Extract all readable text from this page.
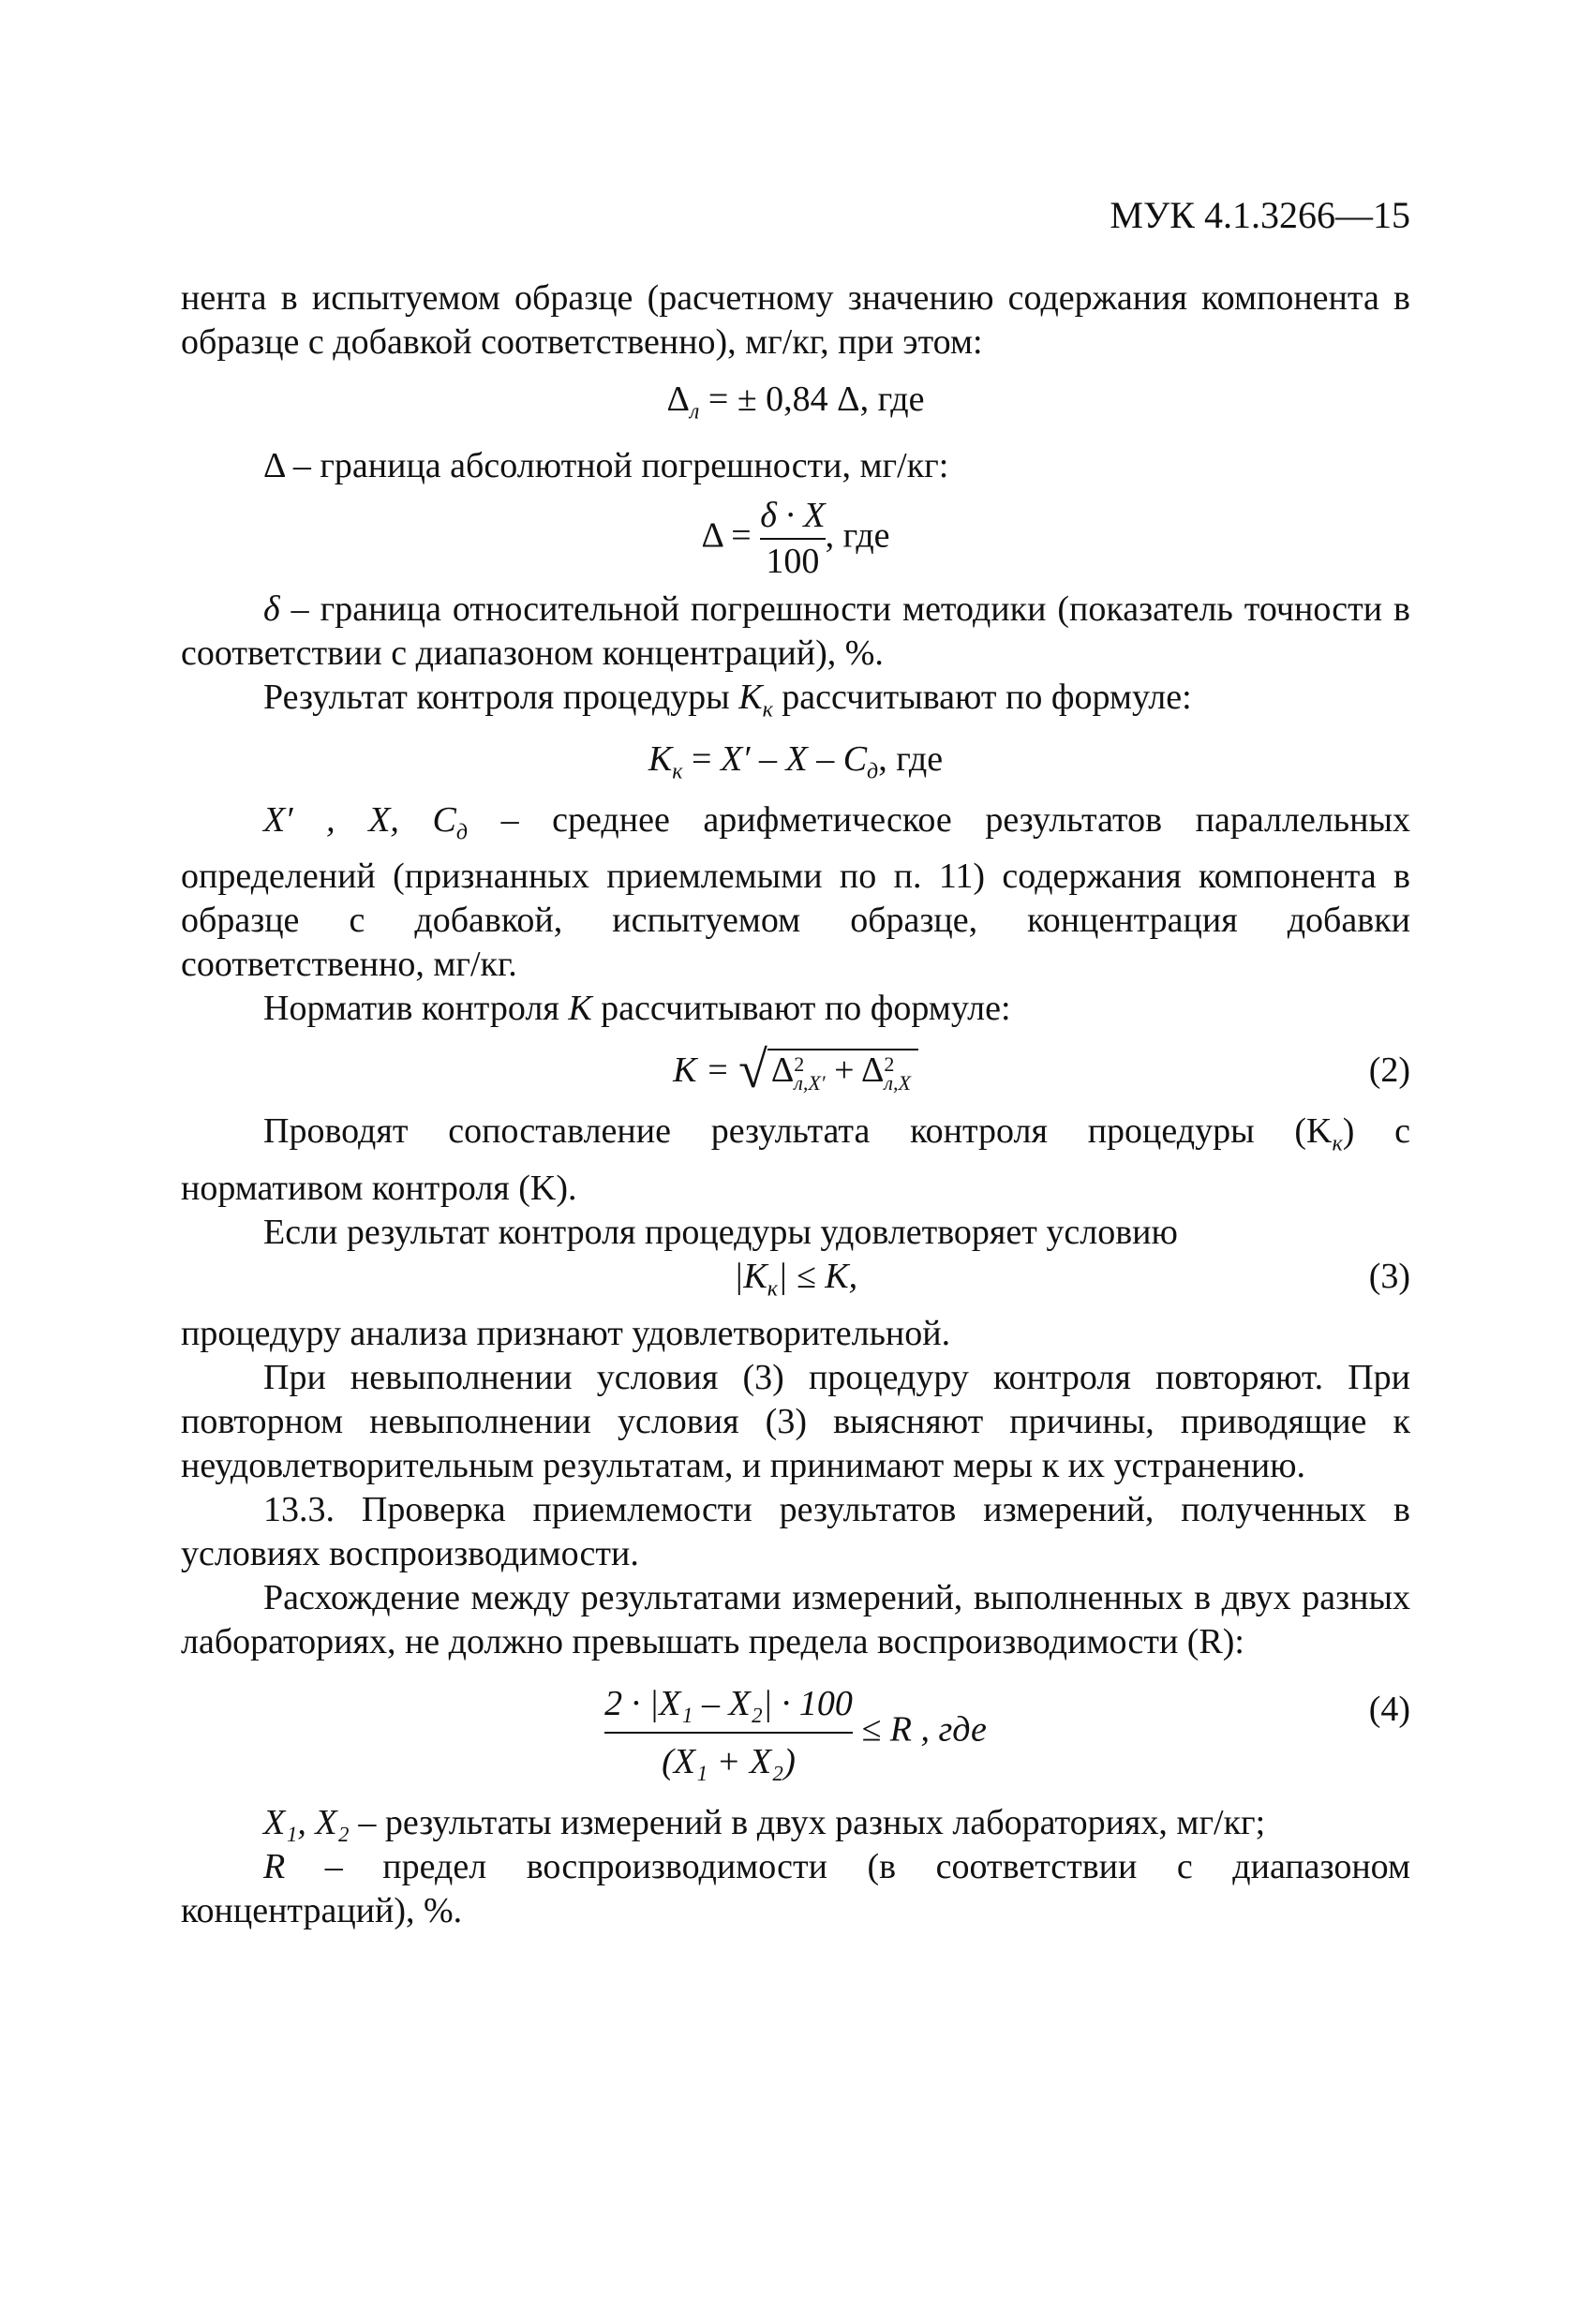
МУК 4.1.3266—15

нента в испытуемом образце (расчетному значению содержания компонента в образце с добавкой соответственно), мг/кг, при этом:

$\Delta_л$ = ± 0,84 Δ, где

Δ – граница абсолютной погрешности, мг/кг:

$\Delta = \frac{\delta \cdot X}{100}$ , где

δ – граница относительной погрешности методики (показатель точности в соответствии с диапазоном концентраций), %.

Результат контроля процедуры $K_к$ рассчитывают по формуле:

$K_к = X' - X - C_д$, где

X′ , X, $C_д$ – среднее арифметическое результатов параллельных определений (признанных приемлемыми по п. 11) содержания компонента в образце с добавкой, испытуемом образце, концентрация добавки соответственно, мг/кг.

Норматив контроля K рассчитывают по формуле:

K = √ Δ 2
л,X′ + Δ 2
л,X	(2)

Проводят сопоставление результата контроля процедуры $(K_к)$ с нормативом контроля (K).

Если результат контроля процедуры удовлетворяет условию

$|K_к| \le K$,	(3)

процедуру анализа признают удовлетворительной.

При невыполнении условия (3) процедуру контроля повторяют. При повторном невыполнении условия (3) выясняют причины, приводящие к неудовлетворительным результатам, и принимают меры к их устранению.

13.3. Проверка приемлемости результатов измерений, полученных в условиях воспроизводимости.

Расхождение между результатами измерений, выполненных в двух разных лабораториях, не должно превышать предела воспроизводимости (R):

$\frac{\text{2 · |X₁ – X₂| · 100}}{\text{(X₁ + X₂)}} \le R$ , где
(4)

X₁, X₂ – результаты измерений в двух разных лабораториях, мг/кг;

R – предел воспроизводимости (в соответствии с диапазоном концентраций), %.
